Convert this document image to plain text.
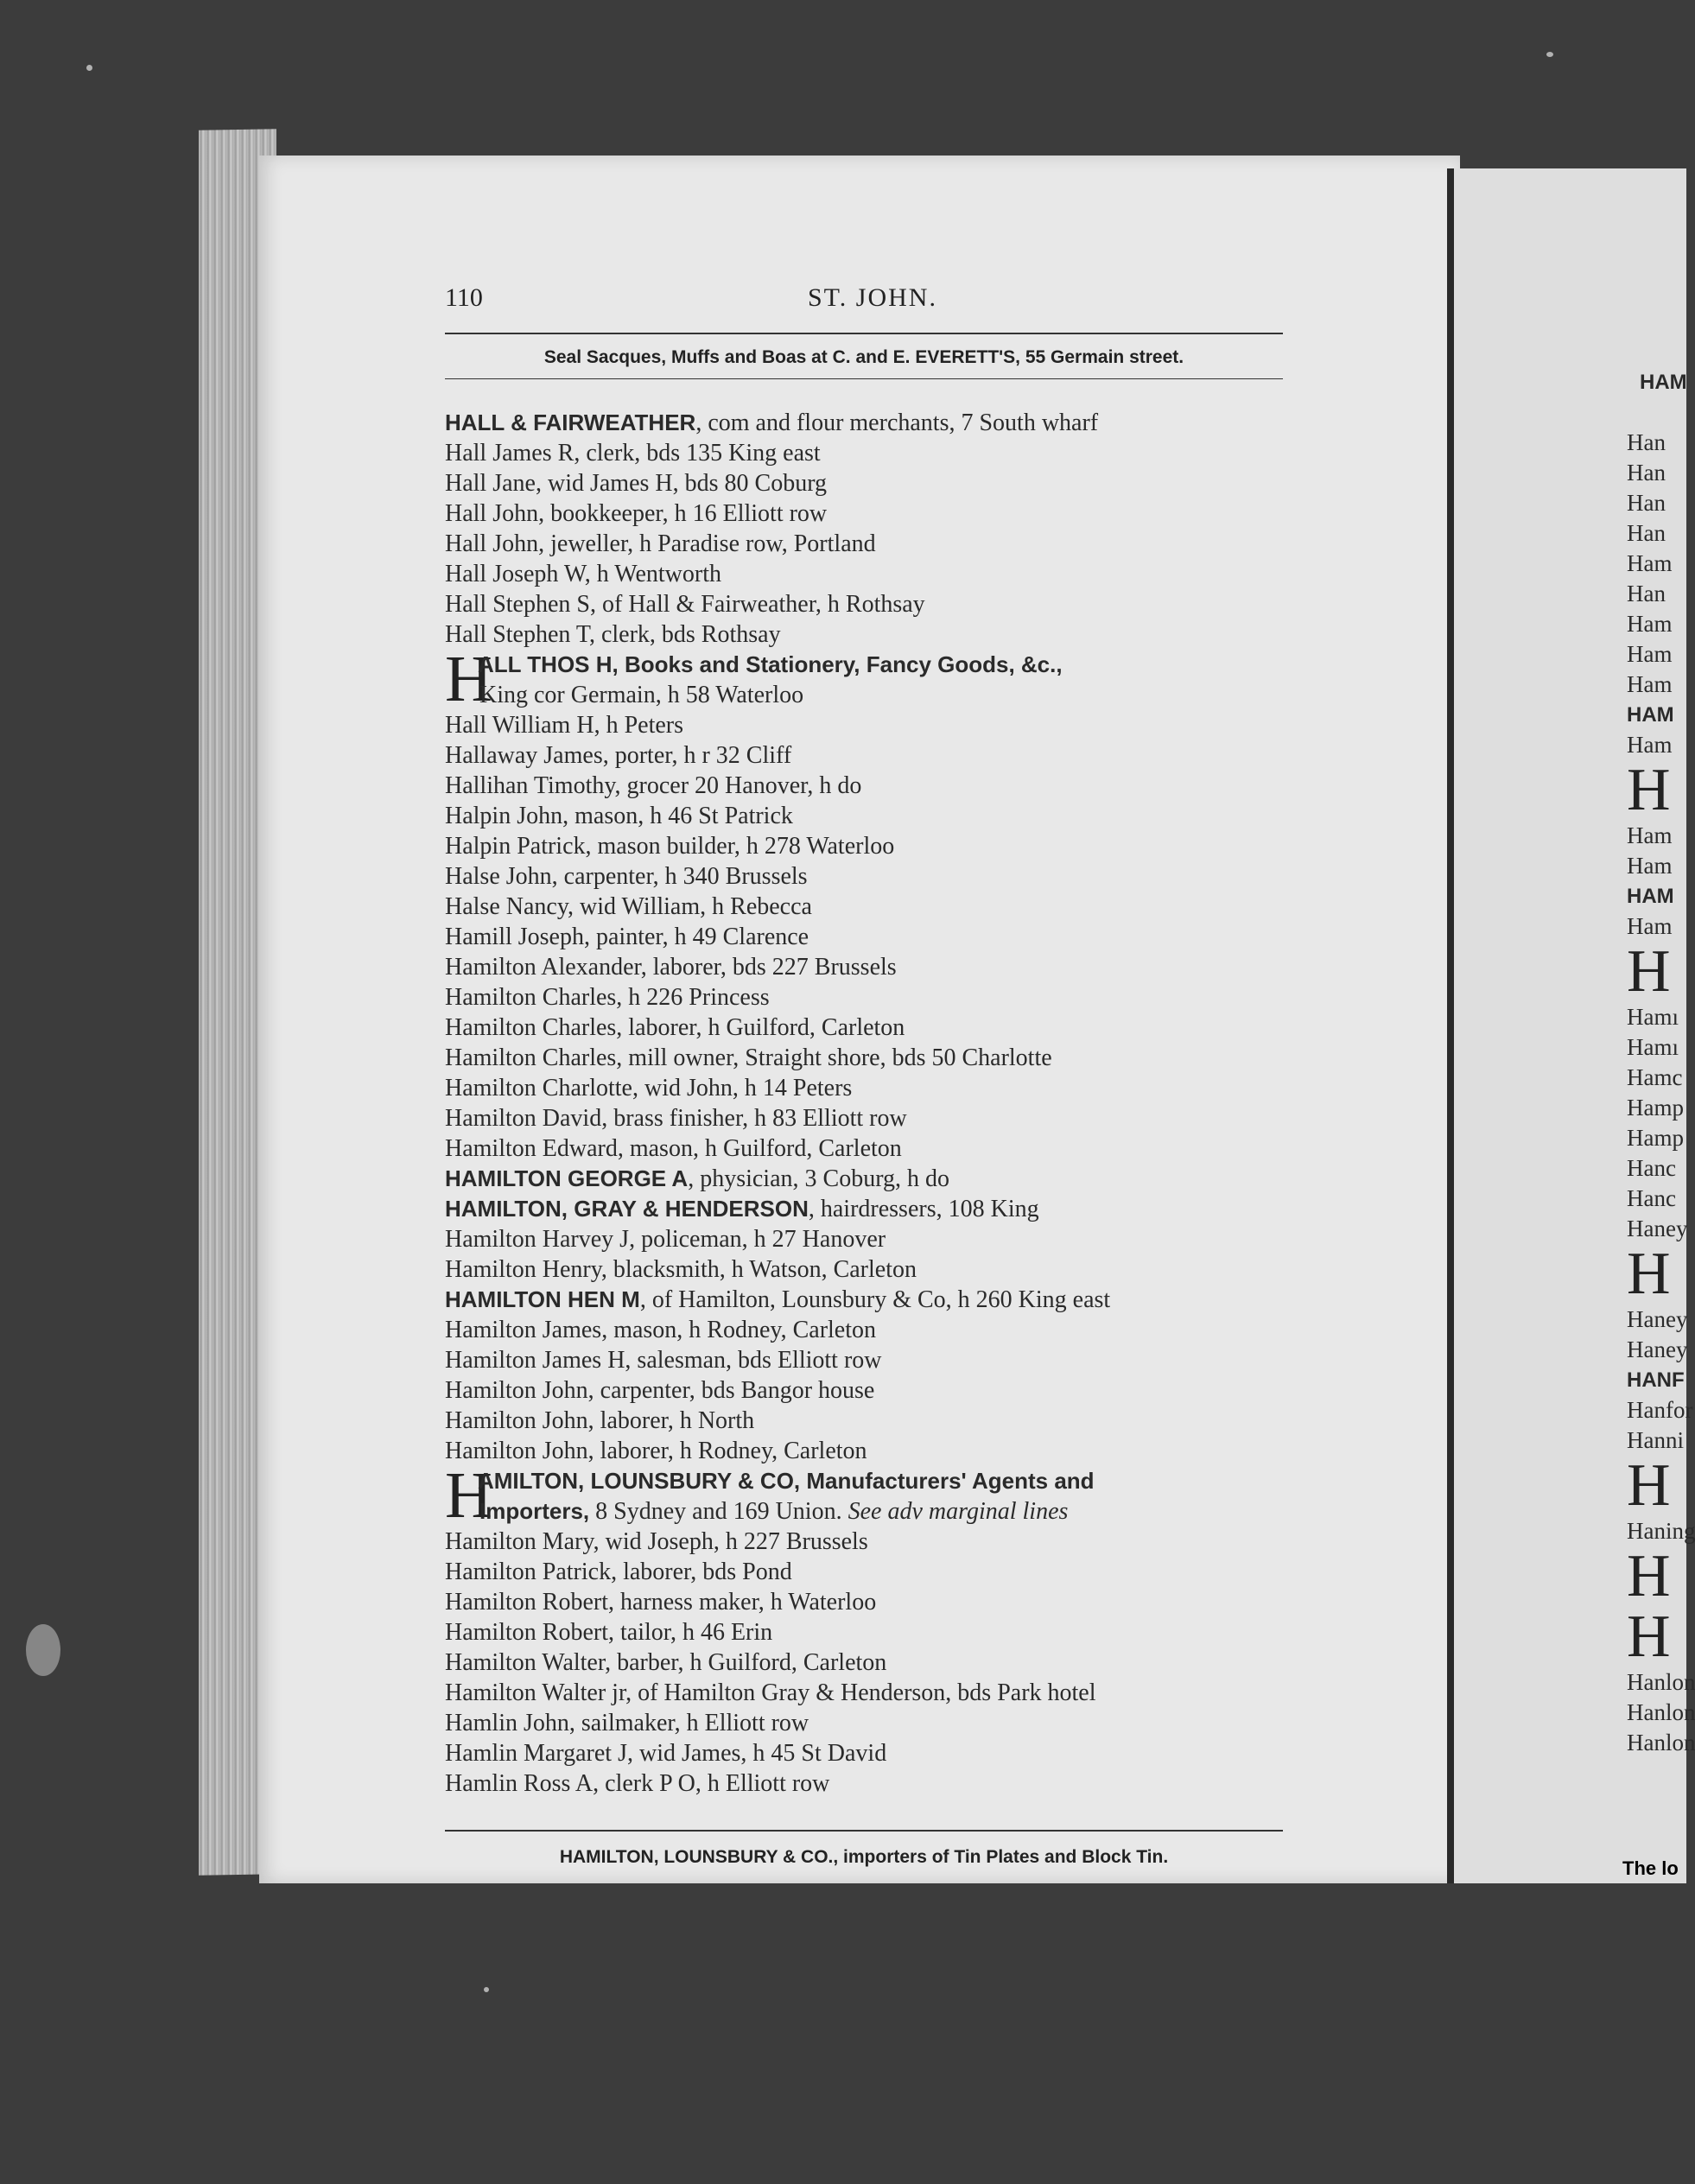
HAM
Han
Han
Han
Han
Ham
Han
Ham
Ham
Ham
HAM
Ham
H
Ham
Ham
HAM
Ham
H
Hamı
Hamı
Hamc
Hamp
Hamp
Hanc
Hanc
Haney
H
Haney
Haney
HANF
Hanfor
Hanni
H
Haning
H
H
Hanlon
Hanlon
Hanlon
The lo
110	ST. JOHN.
Seal Sacques, Muffs and Boas at C. and E. EVERETT'S, 55 Germain street.
HALL & FAIRWEATHER, com and flour merchants, 7 South wharf
Hall James R, clerk, bds 135 King east
Hall Jane, wid James H, bds 80 Coburg
Hall John, bookkeeper, h 16 Elliott row
Hall John, jeweller, h Paradise row, Portland
Hall Joseph W, h Wentworth
Hall Stephen S, of Hall & Fairweather, h Rothsay
Hall Stephen T, clerk, bds Rothsay
H
ALL THOS H, Books and Stationery, Fancy Goods, &c.,
King cor Germain, h 58 Waterloo
Hall William H, h Peters
Hallaway James, porter, h r 32 Cliff
Hallihan Timothy, grocer 20 Hanover, h do
Halpin John, mason, h 46 St Patrick
Halpin Patrick, mason builder, h 278 Waterloo
Halse John, carpenter, h 340 Brussels
Halse Nancy, wid William, h Rebecca
Hamill Joseph, painter, h 49 Clarence
Hamilton Alexander, laborer, bds 227 Brussels
Hamilton Charles, h 226 Princess
Hamilton Charles, laborer, h Guilford, Carleton
Hamilton Charles, mill owner, Straight shore, bds 50 Charlotte
Hamilton Charlotte, wid John, h 14 Peters
Hamilton David, brass finisher, h 83 Elliott row
Hamilton Edward, mason, h Guilford, Carleton
HAMILTON GEORGE A, physician, 3 Coburg, h do
HAMILTON, GRAY & HENDERSON, hairdressers, 108 King
Hamilton Harvey J, policeman, h 27 Hanover
Hamilton Henry, blacksmith, h Watson, Carleton
HAMILTON HEN M, of Hamilton, Lounsbury & Co, h 260 King east
Hamilton James, mason, h Rodney, Carleton
Hamilton James H, salesman, bds Elliott row
Hamilton John, carpenter, bds Bangor house
Hamilton John, laborer, h North
Hamilton John, laborer, h Rodney, Carleton
H
AMILTON, LOUNSBURY & CO, Manufacturers' Agents and
Importers, 8 Sydney and 169 Union. See adv marginal lines
Hamilton Mary, wid Joseph, h 227 Brussels
Hamilton Patrick, laborer, bds Pond
Hamilton Robert, harness maker, h Waterloo
Hamilton Robert, tailor, h 46 Erin
Hamilton Walter, barber, h Guilford, Carleton
Hamilton Walter jr, of Hamilton Gray & Henderson, bds Park hotel
Hamlin John, sailmaker, h Elliott row
Hamlin Margaret J, wid James, h 45 St David
Hamlin Ross A, clerk P O, h Elliott row
HAMILTON, LOUNSBURY & CO., importers of Tin Plates and Block Tin.
